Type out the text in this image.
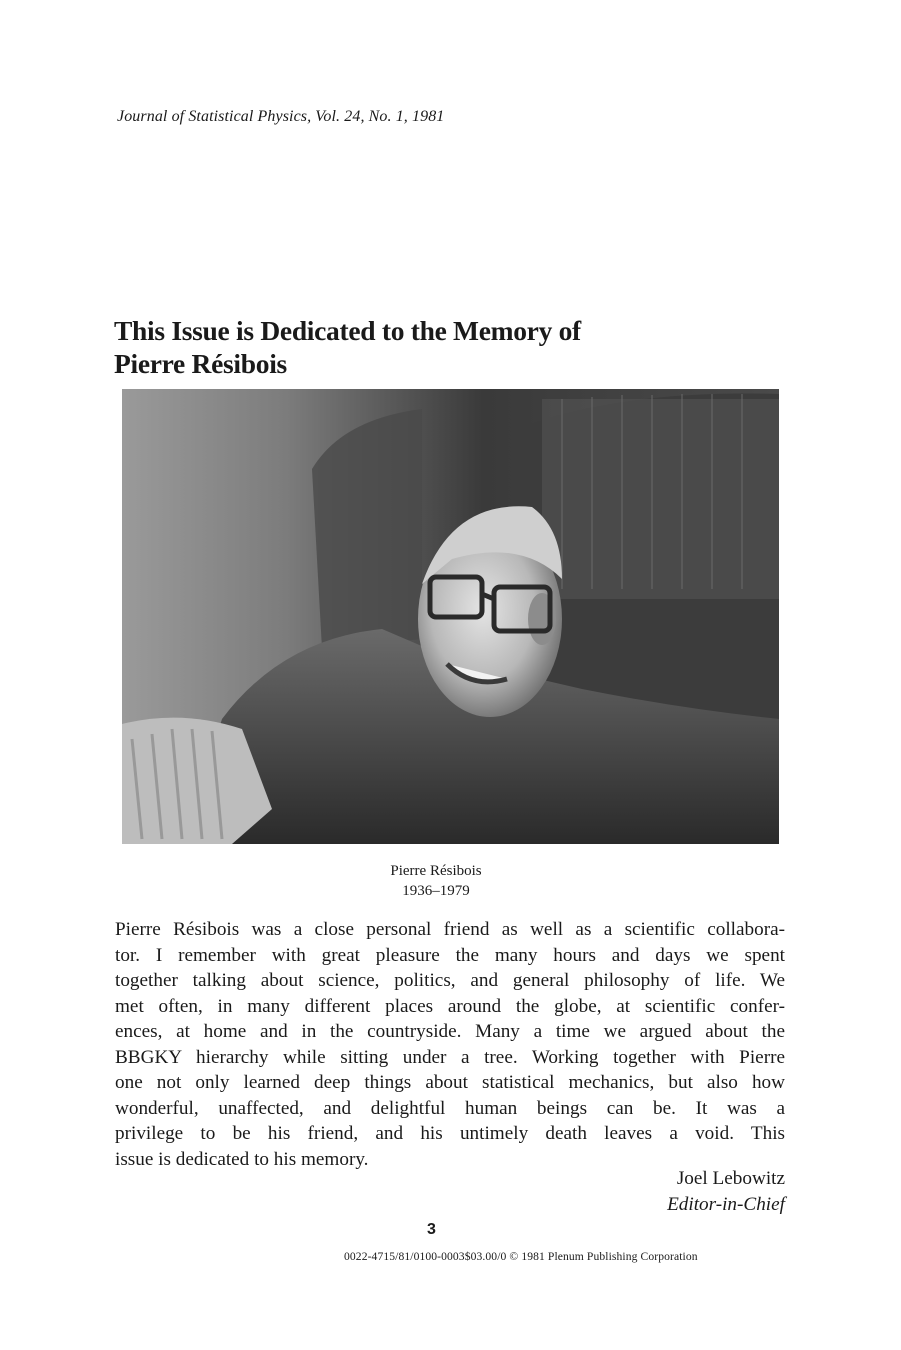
Journal of Statistical Physics, Vol. 24, No. 1, 1981
This Issue is Dedicated to the Memory of
Pierre Résibois
Pierre Résibois
1936–1979
Pierre Résibois was a close personal friend as well as a scientific collabora-
tor. I remember with great pleasure the many hours and days we spent
together talking about science, politics, and general philosophy of life. We
met often, in many different places around the globe, at scientific confer-
ences, at home and in the countryside. Many a time we argued about the
BBGKY hierarchy while sitting under a tree. Working together with Pierre
one not only learned deep things about statistical mechanics, but also how
wonderful, unaffected, and delightful human beings can be. It was a
privilege to be his friend, and his untimely death leaves a void. This
issue is dedicated to his memory.
Joel Lebowitz
Editor-in-Chief
3
0022-4715/81/0100-0003$03.00/0 © 1981 Plenum Publishing Corporation
